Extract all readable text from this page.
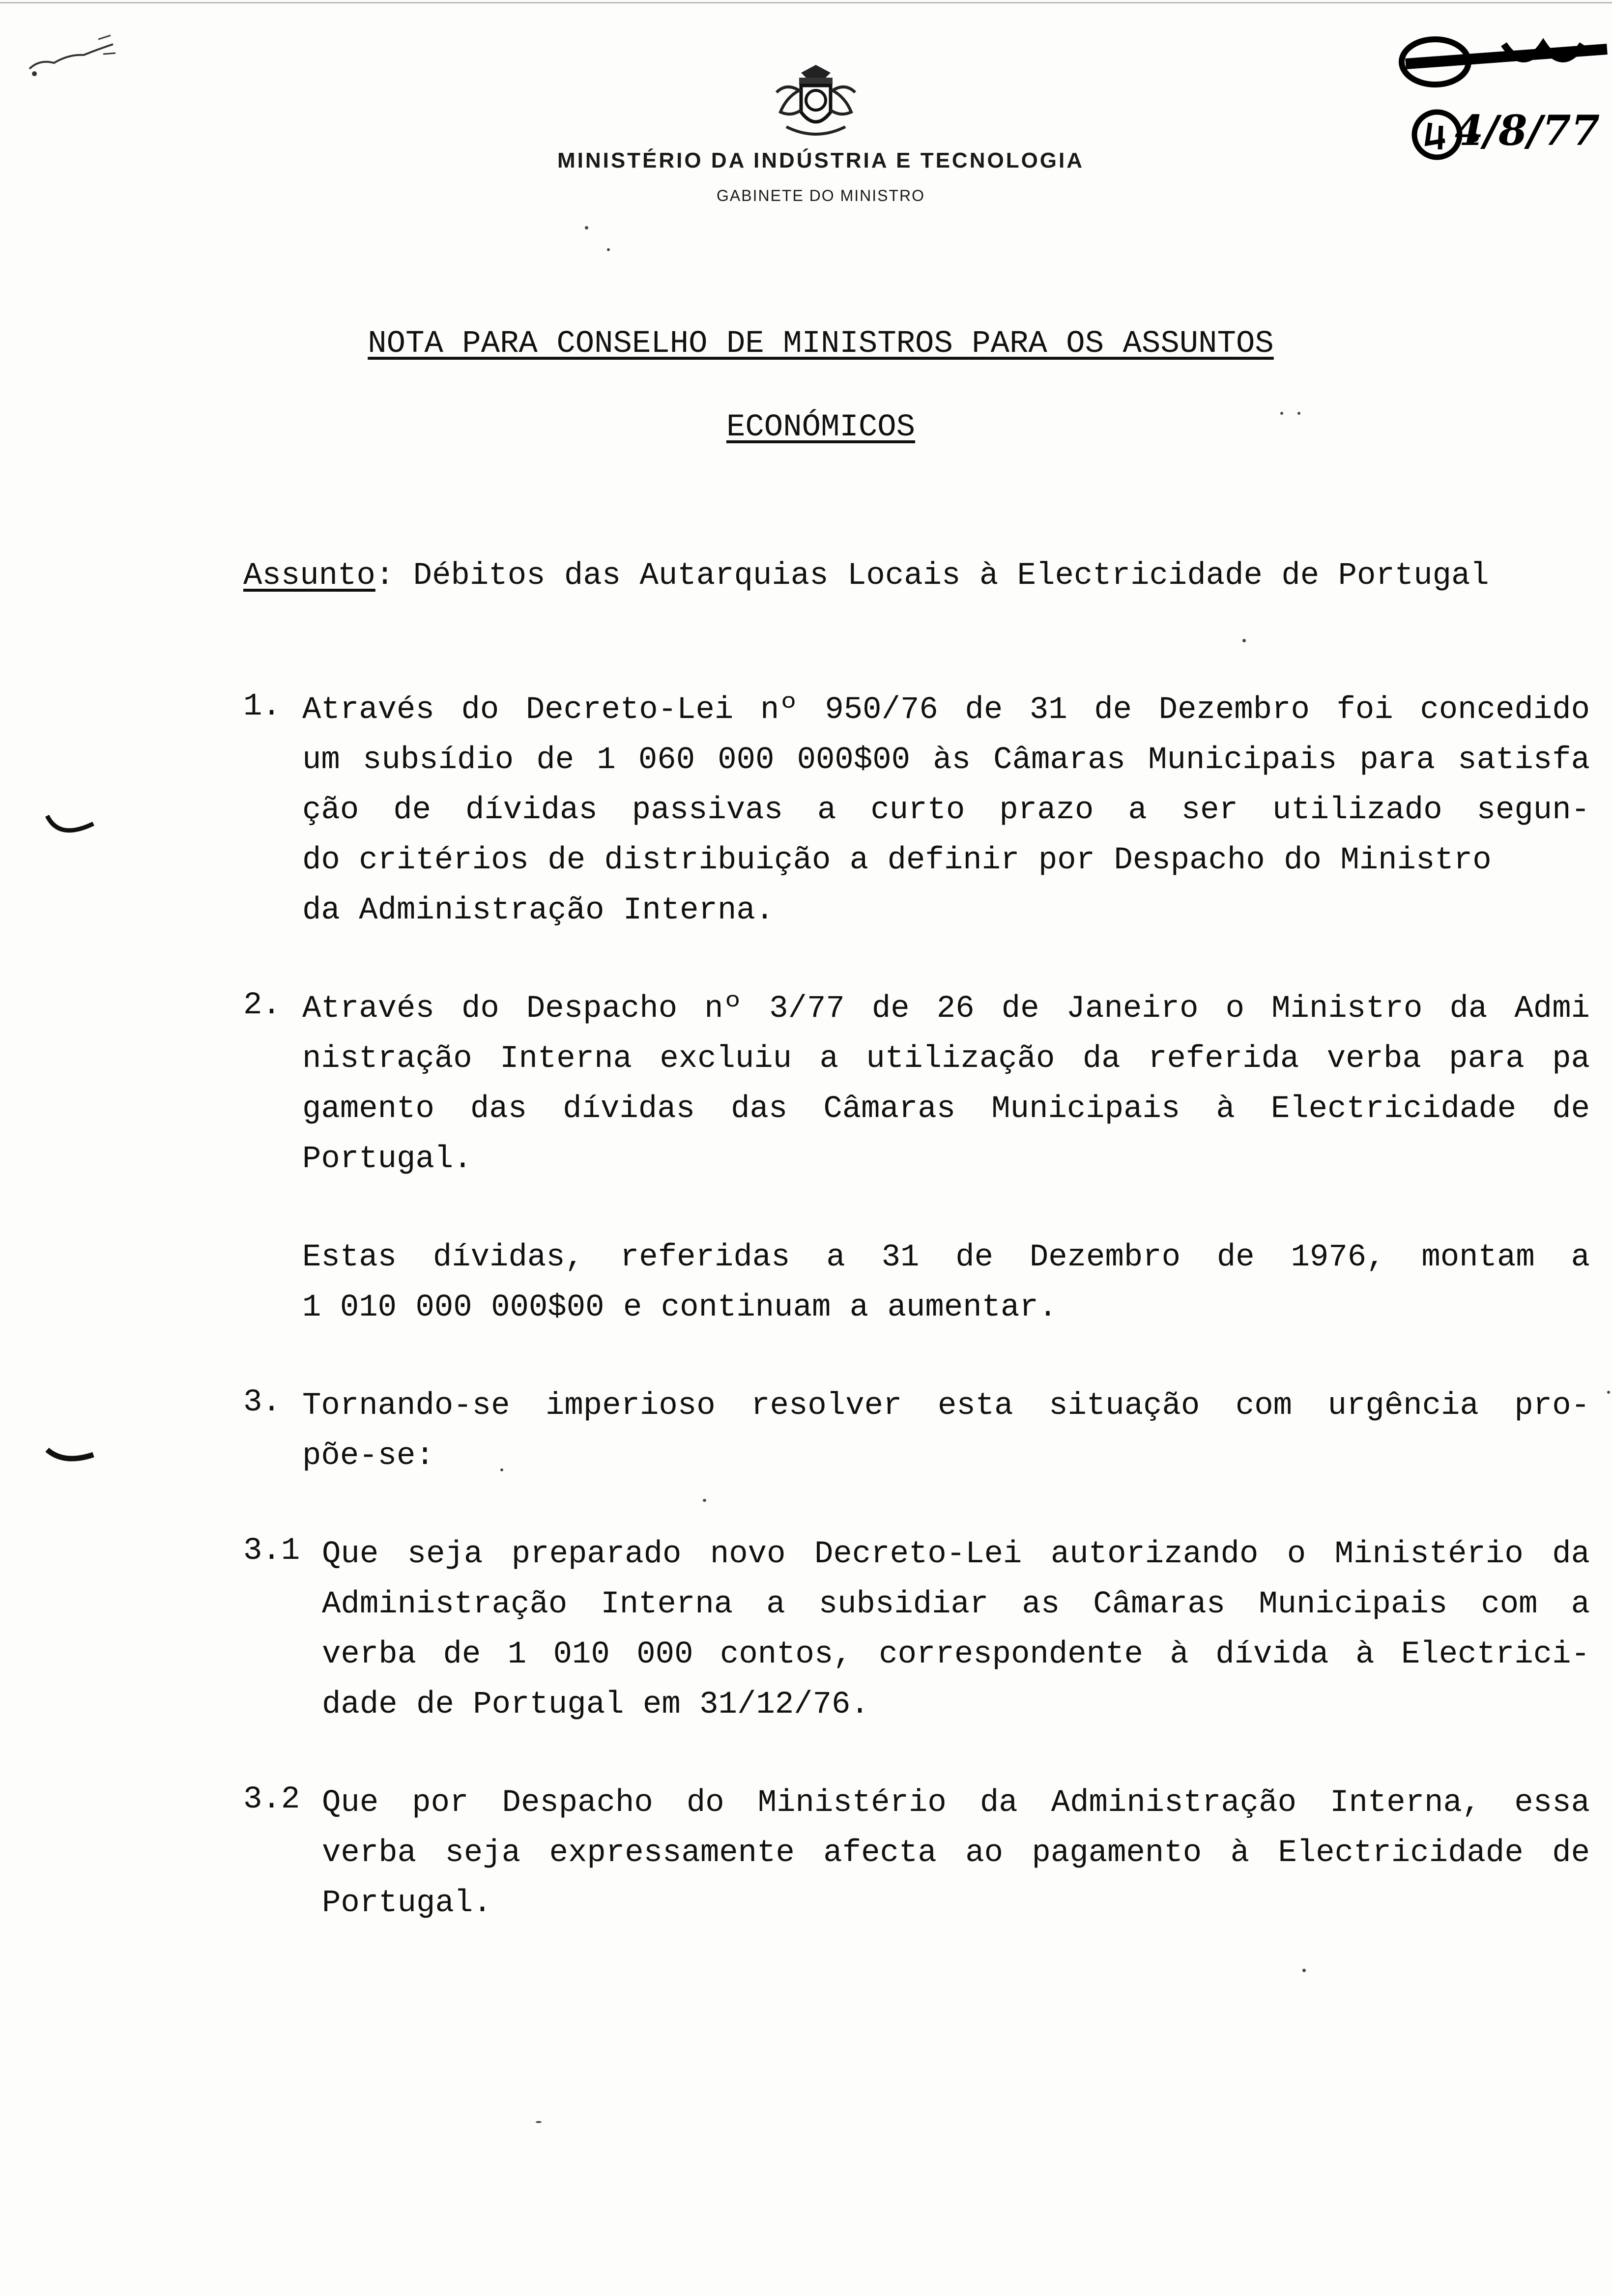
MINISTÉRIO DA INDÚSTRIA E TECNOLOGIA
GABINETE DO MINISTRO
4/8/77
NOTA PARA CONSELHO DE MINISTROS PARA OS ASSUNTOS
ECONÓMICOS
Assunto: Débitos das Autarquias Locais à Electricidade de Portugal
1. Através do Decreto-Lei nº 950/76 de 31 de Dezembro foi concedido
um subsídio de 1 060 000 000$00 às Câmaras Municipais para satisfa
ção de dívidas passivas a curto prazo a ser utilizado segun-
do critérios de distribuição a definir por Despacho do Ministro
da Administração Interna.
2. Através do Despacho nº 3/77 de 26 de Janeiro o Ministro da Admi
nistração Interna excluiu a utilização da referida verba para pa
gamento das dívidas das Câmaras Municipais à Electricidade de
Portugal.
Estas dívidas, referidas a 31 de Dezembro de 1976, montam a
1 010 000 000$00 e continuam a aumentar.
3. Tornando-se imperioso resolver esta situação com urgência pro-
põe-se:
3.1 Que seja preparado novo Decreto-Lei autorizando o Ministério da
Administração Interna a subsidiar as Câmaras Municipais com a
verba de 1 010 000 contos, correspondente à dívida à Electrici-
dade de Portugal em 31/12/76.
3.2 Que por Despacho do Ministério da Administração Interna, essa
verba seja expressamente afecta ao pagamento à Electricidade de
Portugal.
